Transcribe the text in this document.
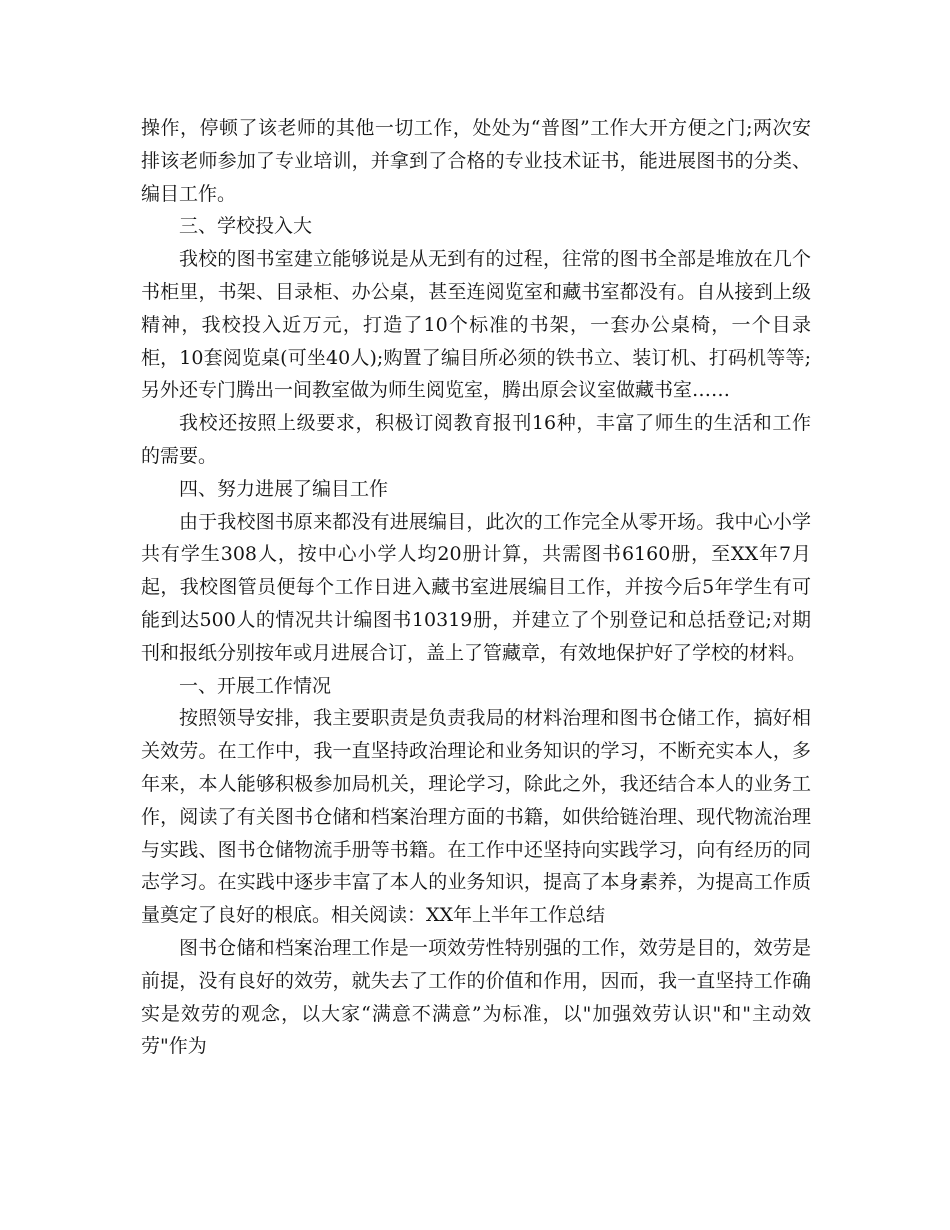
操作，停顿了该老师的其他一切工作，处处为“普图”工作大开方便之门;两次安排该老师参加了专业培训，并拿到了合格的专业技术证书，能进展图书的分类、编目工作。

三、学校投入大

我校的图书室建立能够说是从无到有的过程，往常的图书全部是堆放在几个书柜里，书架、目录柜、办公桌，甚至连阅览室和藏书室都没有。自从接到上级精神，我校投入近万元，打造了10个标准的书架，一套办公桌椅，一个目录柜，10套阅览桌(可坐40人);购置了编目所必须的铁书立、装订机、打码机等等;另外还专门腾出一间教室做为师生阅览室，腾出原会议室做藏书室……

我校还按照上级要求，积极订阅教育报刊16种，丰富了师生的生活和工作的需要。

四、努力进展了编目工作

由于我校图书原来都没有进展编目，此次的工作完全从零开场。我中心小学共有学生308人，按中心小学人均20册计算，共需图书6160册，至XX年7月起，我校图管员便每个工作日进入藏书室进展编目工作，并按今后5年学生有可能到达500人的情况共计编图书10319册，并建立了个别登记和总括登记;对期刊和报纸分别按年或月进展合订，盖上了管藏章，有效地保护好了学校的材料。

一、开展工作情况

按照领导安排，我主要职责是负责我局的材料治理和图书仓储工作，搞好相关效劳。在工作中，我一直坚持政治理论和业务知识的学习，不断充实本人，多年来，本人能够积极参加局机关，理论学习，除此之外，我还结合本人的业务工作，阅读了有关图书仓储和档案治理方面的书籍，如供给链治理、现代物流治理与实践、图书仓储物流手册等书籍。在工作中还坚持向实践学习，向有经历的同志学习。在实践中逐步丰富了本人的业务知识，提高了本身素养，为提高工作质量奠定了良好的根底。相关阅读：XX年上半年工作总结

图书仓储和档案治理工作是一项效劳性特别强的工作，效劳是目的，效劳是前提，没有良好的效劳，就失去了工作的价值和作用，因而，我一直坚持工作确实是效劳的观念，以大家“满意不满意”为标准，以"加强效劳认识"和"主动效劳"作为
